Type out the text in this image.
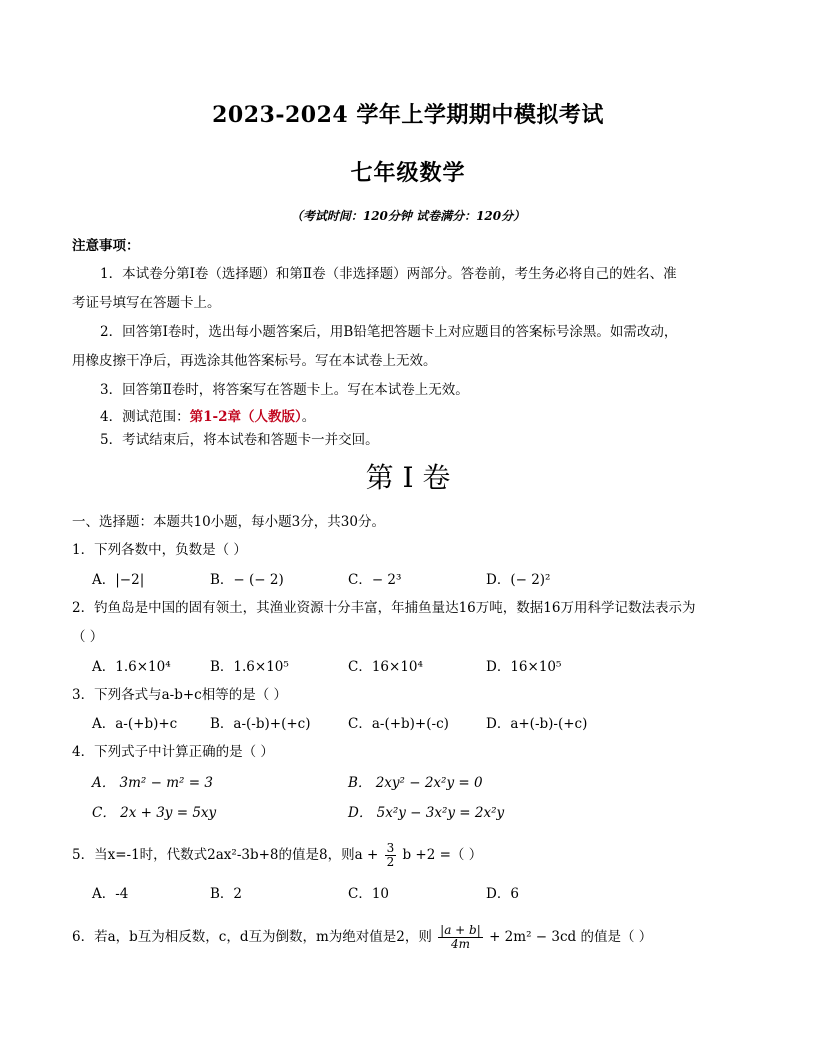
2023-2024 学年上学期期中模拟考试
七年级数学
（考试时间：120分钟 试卷满分：120分）
注意事项：
1．本试卷分第Ⅰ卷（选择题）和第Ⅱ卷（非选择题）两部分。答卷前，考生务必将自己的姓名、准
考证号填写在答题卡上。
2．回答第Ⅰ卷时，选出每小题答案后，用B铅笔把答题卡上对应题目的答案标号涂黑。如需改动，
用橡皮擦干净后，再选涂其他答案标号。写在本试卷上无效。
3．回答第Ⅱ卷时，将答案写在答题卡上。写在本试卷上无效。
4．测试范围：第1-2章（人教版）。
5．考试结束后，将本试卷和答题卡一并交回。
第 I 卷
一、选择题：本题共10小题，每小题3分，共30分。
1．下列各数中，负数是（ ）
A．|−2|	B．− (− 2)	C．− 2³	D．(− 2)²
2．钓鱼岛是中国的固有领土，其渔业资源十分丰富，年捕鱼量达16万吨，数据16万用科学记数法表示为
（ ）
A．1.6×10⁴	B．1.6×10⁵	C．16×10⁴	D．16×10⁵
3．下列各式与a-b+c相等的是（ ）
A．a-(+b)+c B．a-(-b)+(+c)	C．a-(+b)+(-c)	D．a+(-b)-(+c)
4．下列式子中计算正确的是（ ）
A． 3m² − m² = 3	B． 2xy² − 2x²y = 0
C． 2x + 3y = 5xy	D． 5x²y − 3x²y = 2x²y
5．当x=-1时，代数式2ax²-3b+8的值是8，则$a + \frac{3}{2}$ b +2 =（ ）
A．-4	B．2	C．10	D．6
6．若a，b互为相反数，c，d互为倒数，m为绝对值是2，则 $\frac{|a + b|}{4m} + 2m^2 - 3cd$ 的值是（ ）
